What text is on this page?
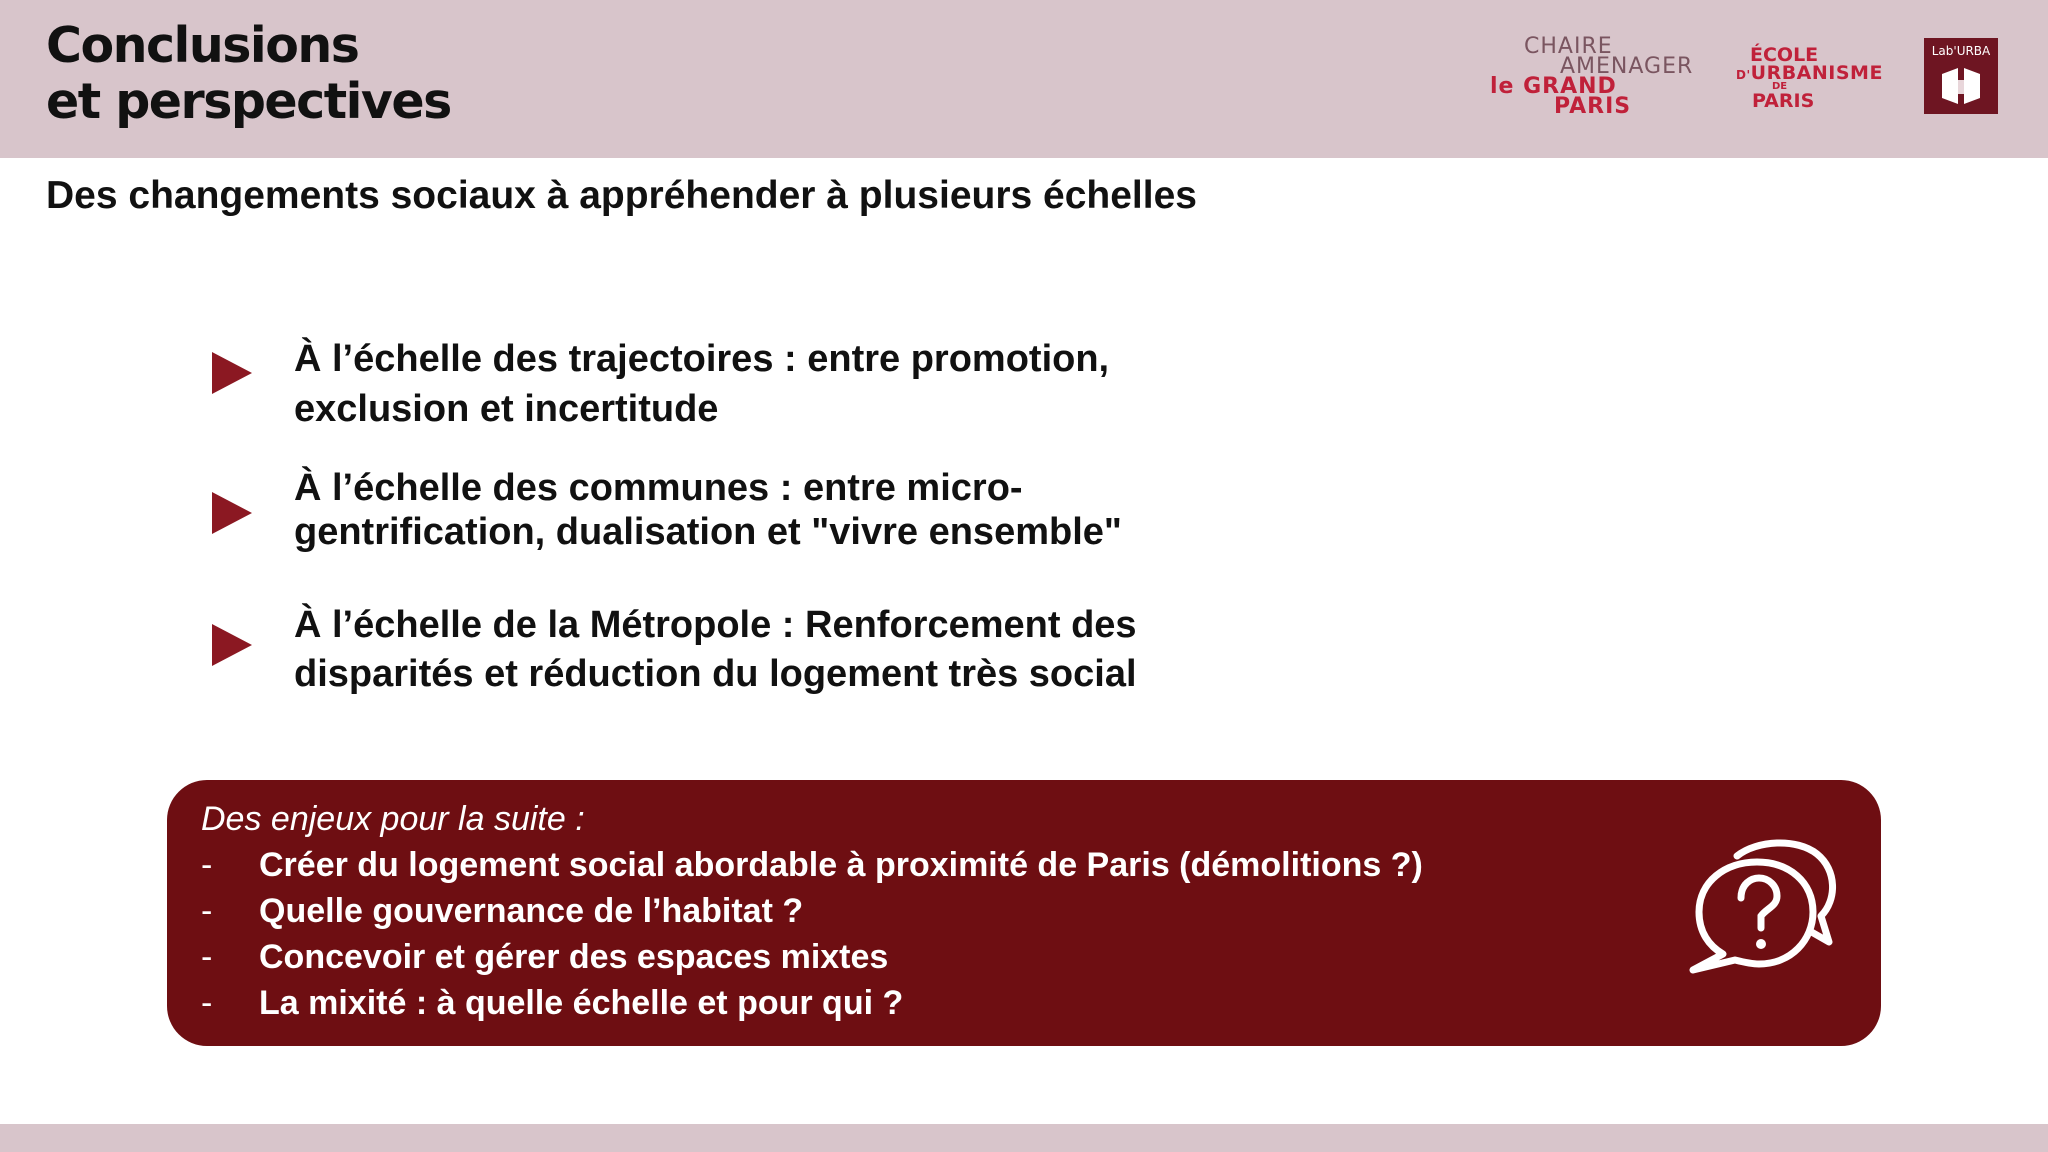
Conclusions
et perspectives
CHAIRE
AMENAGER
le GRAND
PARIS
ÉCOLE
D'URBANISME
DE
PARIS
Lab'URBA
Des changements sociaux à appréhender à plusieurs échelles
À l’échelle des trajectoires : entre promotion,
exclusion et incertitude
À l’échelle des communes : entre micro-
gentrification, dualisation et "vivre ensemble"
À l’échelle de la Métropole : Renforcement des
disparités et réduction du logement très social
Des enjeux pour la suite :
- Créer du logement social abordable à proximité de Paris (démolitions ?)
- Quelle gouvernance de l’habitat ?
- Concevoir et gérer des espaces mixtes
- La mixité : à quelle échelle et pour qui ?
